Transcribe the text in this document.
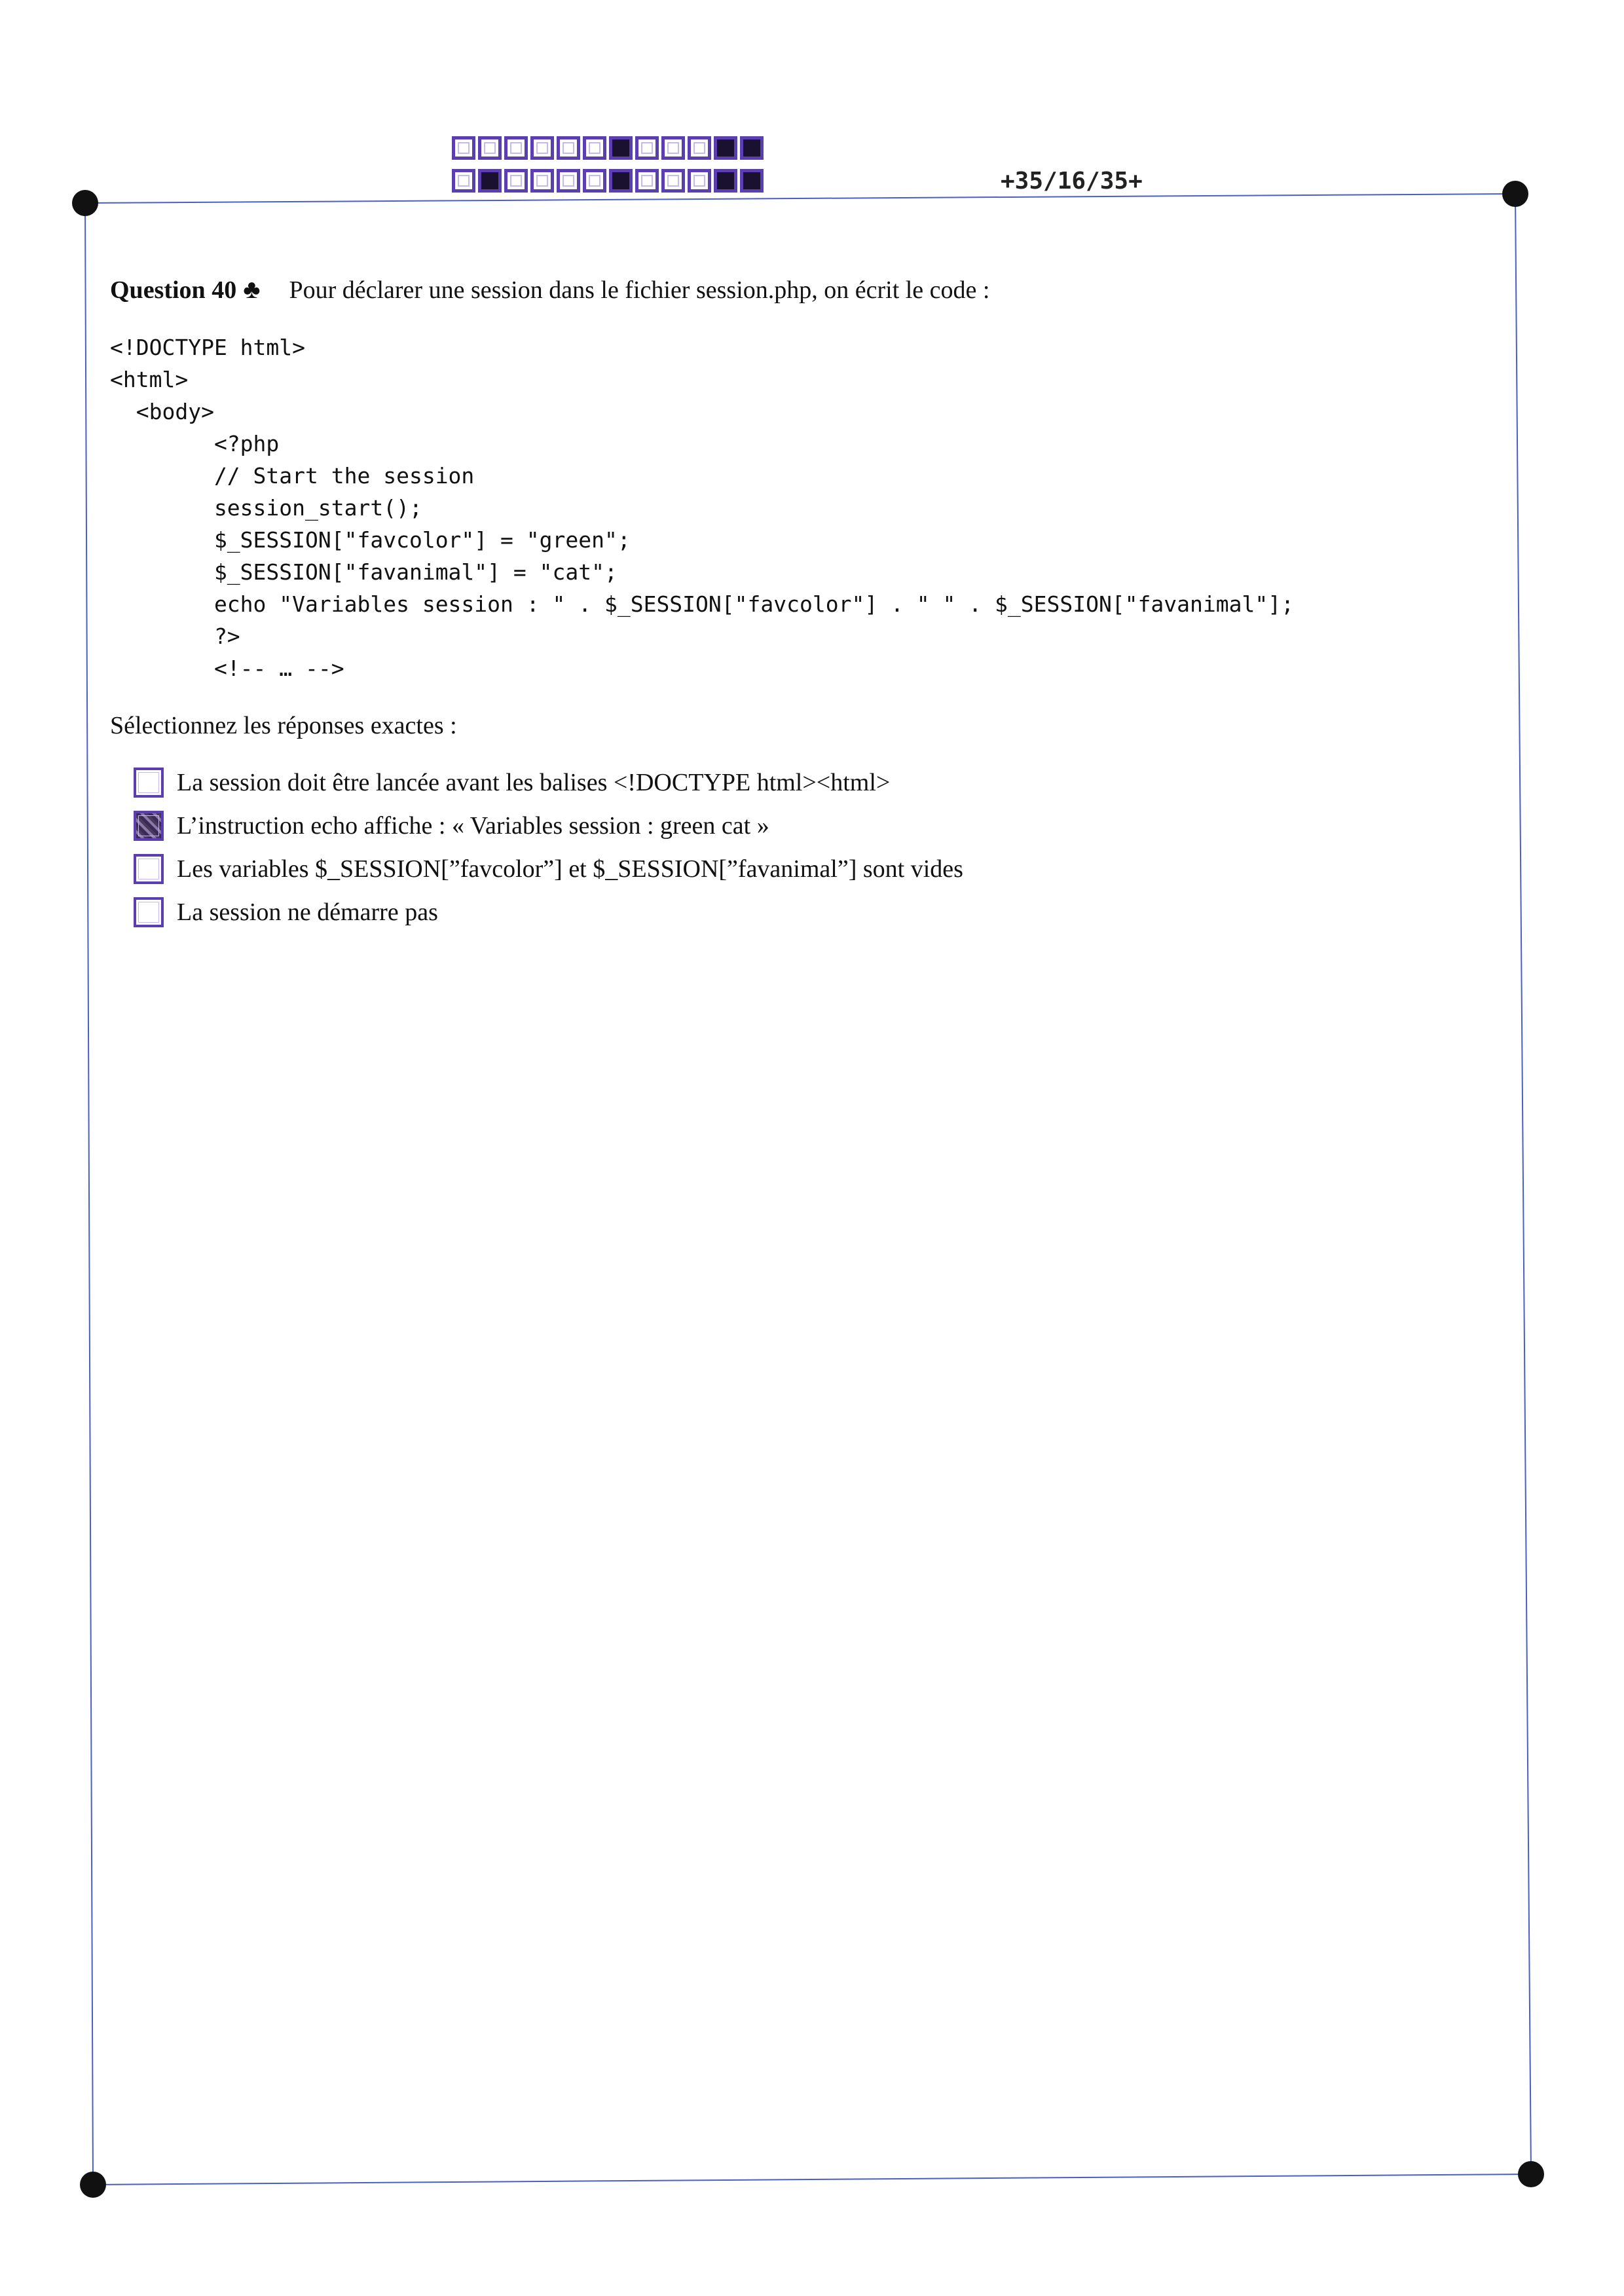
+35/16/35+
Question 40 ♣ Pour déclarer une session dans le fichier session.php, on écrit le code :
<!DOCTYPE html>
<html>
<body>
<?php
// Start the session
session_start();
$_SESSION["favcolor"] = "green";
$_SESSION["favanimal"] = "cat";
echo "Variables session : " . $_SESSION["favcolor"] . " " . $_SESSION["favanimal"];
?>
<!-- … -->
Sélectionnez les réponses exactes :
La session doit être lancée avant les balises <!DOCTYPE html><html>
L’instruction echo affiche : « Variables session : green cat »
Les variables $_SESSION[”favcolor”] et $_SESSION[”favanimal”] sont vides
La session ne démarre pas
